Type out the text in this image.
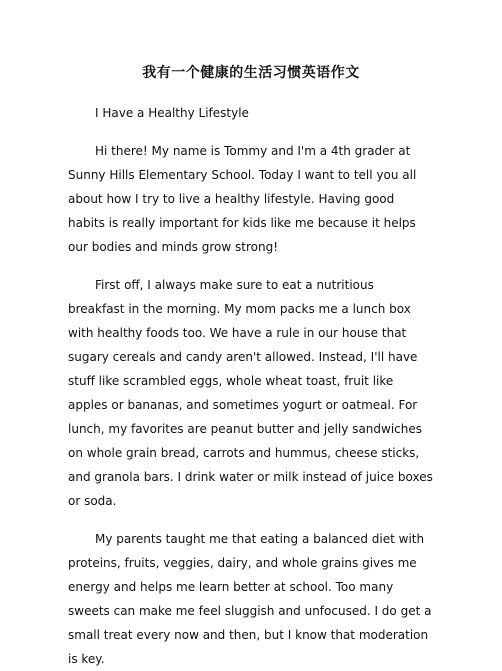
我有一个健康的生活习惯英语作文

I Have a Healthy Lifestyle

Hi there! My name is Tommy and I'm a 4th grader at Sunny Hills Elementary School. Today I want to tell you all about how I try to live a healthy lifestyle. Having good habits is really important for kids like me because it helps our bodies and minds grow strong!

First off, I always make sure to eat a nutritious breakfast in the morning. My mom packs me a lunch box with healthy foods too. We have a rule in our house that sugary cereals and candy aren't allowed. Instead, I'll have stuff like scrambled eggs, whole wheat toast, fruit like apples or bananas, and sometimes yogurt or oatmeal. For lunch, my favorites are peanut butter and jelly sandwiches on whole grain bread, carrots and hummus, cheese sticks, and granola bars. I drink water or milk instead of juice boxes or soda.

My parents taught me that eating a balanced diet with proteins, fruits, veggies, dairy, and whole grains gives me energy and helps me learn better at school. Too many sweets can make me feel sluggish and unfocused. I do get a small treat every now and then, but I know that moderation is key.
